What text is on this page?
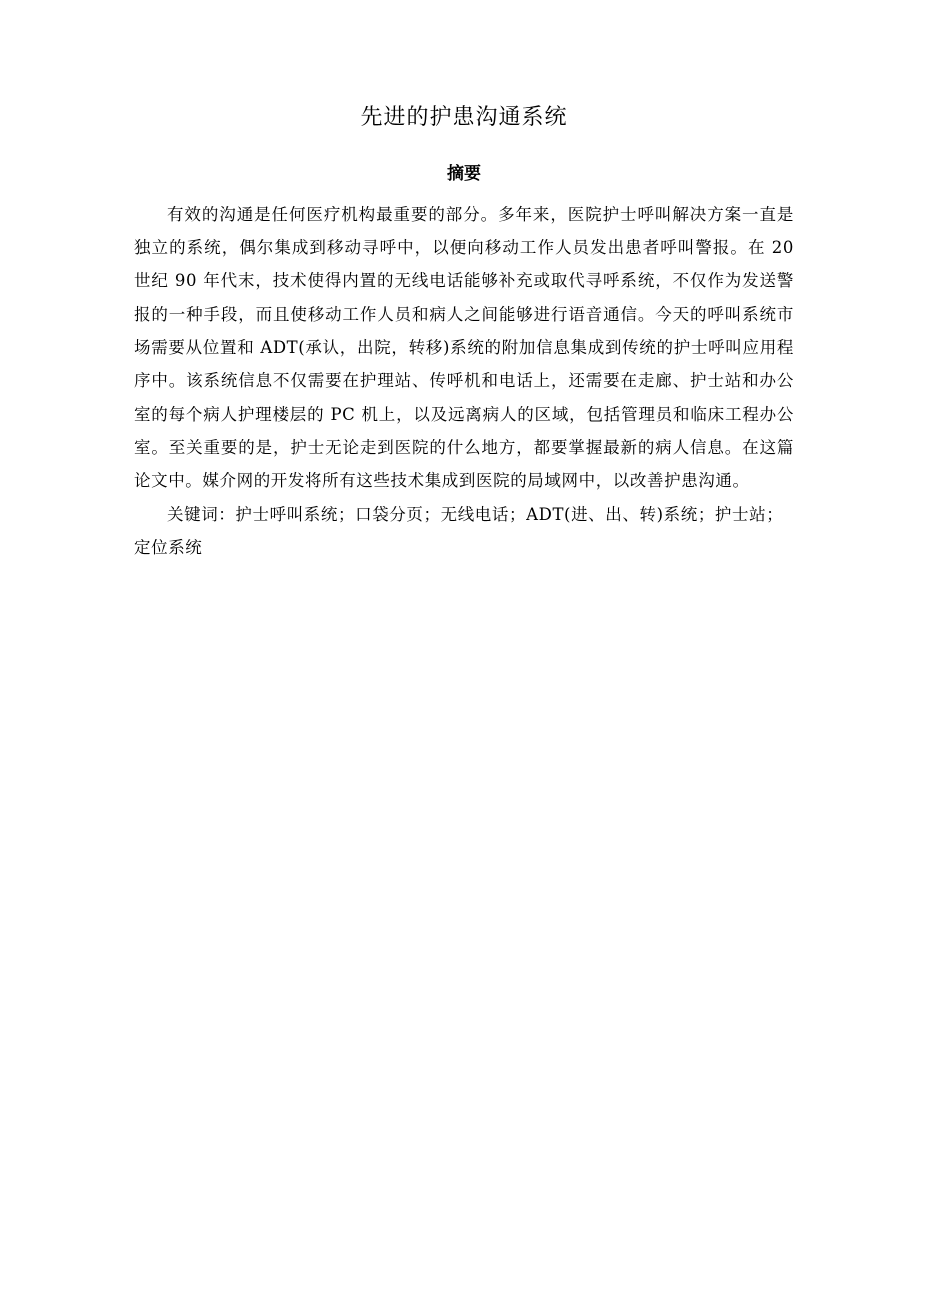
先进的护患沟通系统
摘要

有效的沟通是任何医疗机构最重要的部分。多年来，医院护士呼叫解决方案一直是独立的系统，偶尔集成到移动寻呼中，以便向移动工作人员发出患者呼叫警报。在 20 世纪 90 年代末，技术使得内置的无线电话能够补充或取代寻呼系统，不仅作为发送警报的一种手段，而且使移动工作人员和病人之间能够进行语音通信。今天的呼叫系统市场需要从位置和 ADT(承认，出院，转移)系统的附加信息集成到传统的护士呼叫应用程序中。该系统信息不仅需要在护理站、传呼机和电话上，还需要在走廊、护士站和办公室的每个病人护理楼层的 PC 机上，以及远离病人的区域，包括管理员和临床工程办公室。至关重要的是，护士无论走到医院的什么地方，都要掌握最新的病人信息。在这篇论文中。媒介网的开发将所有这些技术集成到医院的局域网中，以改善护患沟通。

关键词：护士呼叫系统；口袋分页；无线电话；ADT(进、出、转)系统；护士站；定位系统
